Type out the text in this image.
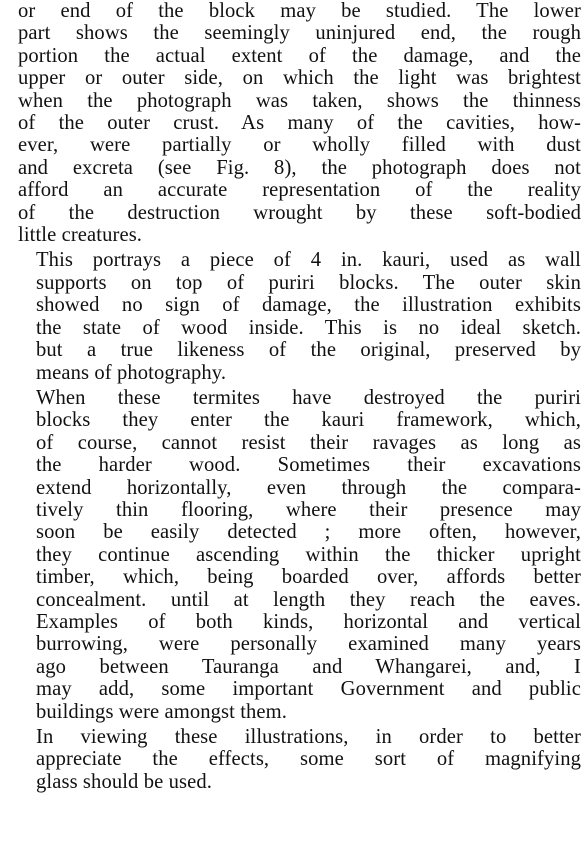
or end of the block may be studied. The lower
part shows the seemingly uninjured end, the rough
portion the actual extent of the damage, and the
upper or outer side, on which the light was brightest
when the photograph was taken, shows the thinness
of the outer crust. As many of the cavities, how-
ever, were partially or wholly filled with dust
and excreta (see Fig. 8), the photograph does not
afford an accurate representation of the reality
of the destruction wrought by these soft-bodied
little creatures.
This portrays a piece of 4 in. kauri, used as wall
supports on top of puriri blocks. The outer skin
showed no sign of damage, the illustration exhibits
the state of wood inside. This is no ideal sketch.
but a true likeness of the original, preserved by
means of photography.
When these termites have destroyed the puriri
blocks they enter the kauri framework, which,
of course, cannot resist their ravages as long as
the harder wood. Sometimes their excavations
extend horizontally, even through the compara-
tively thin flooring, where their presence may
soon be easily detected ; more often, however,
they continue ascending within the thicker upright
timber, which, being boarded over, affords better
concealment. until at length they reach the eaves.
Examples of both kinds, horizontal and vertical
burrowing, were personally examined many years
ago between Tauranga and Whangarei, and, I
may add, some important Government and public
buildings were amongst them.
In viewing these illustrations, in order to better
appreciate the effects, some sort of magnifying
glass should be used.
